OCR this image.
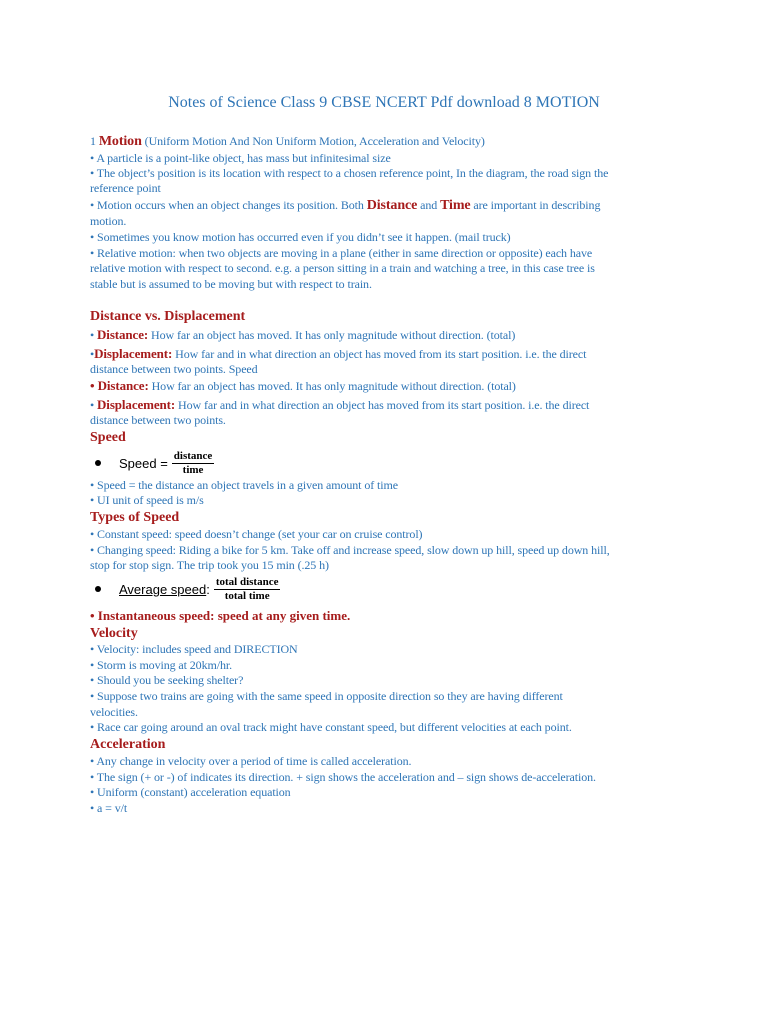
Notes of Science Class 9 CBSE NCERT Pdf download 8 MOTION
1 Motion (Uniform Motion And Non Uniform Motion, Acceleration and Velocity)
• A particle is a point-like object, has mass but infinitesimal size
• The object’s position is its location with respect to a chosen reference point, In the diagram, the road sign the
reference point
• Motion occurs when an object changes its position. Both Distance and Time are important in describing
motion.
• Sometimes you know motion has occurred even if you didn’t see it happen. (mail truck)
• Relative motion: when two objects are moving in a plane (either in same direction or opposite) each have
relative motion with respect to second. e.g. a person sitting in a train and watching a tree, in this case tree is
stable but is assumed to be moving but with respect to train.
Distance vs. Displacement
• Distance: How far an object has moved. It has only magnitude without direction. (total)
•Displacement: How far and in what direction an object has moved from its start position. i.e. the direct
distance between two points. Speed
• Distance: How far an object has moved. It has only magnitude without direction. (total)
• Displacement: How far and in what direction an object has moved from its start position. i.e. the direct
distance between two points.
Speed
Speed = $\frac{\text{distance}}{\text{time}}$
• Speed = the distance an object travels in a given amount of time
• UI unit of speed is m/s
Types of Speed
• Constant speed: speed doesn’t change (set your car on cruise control)
• Changing speed: Riding a bike for 5 km. Take off and increase speed, slow down up hill, speed up down hill,
stop for stop sign. The trip took you 15 min (.25 h)
Average speed : $\frac{\text{total distance}}{\text{total time}}$
• Instantaneous speed: speed at any given time.
Velocity
• Velocity: includes speed and DIRECTION
• Storm is moving at 20km/hr.
• Should you be seeking shelter?
• Suppose two trains are going with the same speed in opposite direction so they are having different
velocities.
• Race car going around an oval track might have constant speed, but different velocities at each point.
Acceleration
• Any change in velocity over a period of time is called acceleration.
• The sign (+ or -) of indicates its direction. + sign shows the acceleration and – sign shows de-acceleration.
• Uniform (constant) acceleration equation
• a = v/t
